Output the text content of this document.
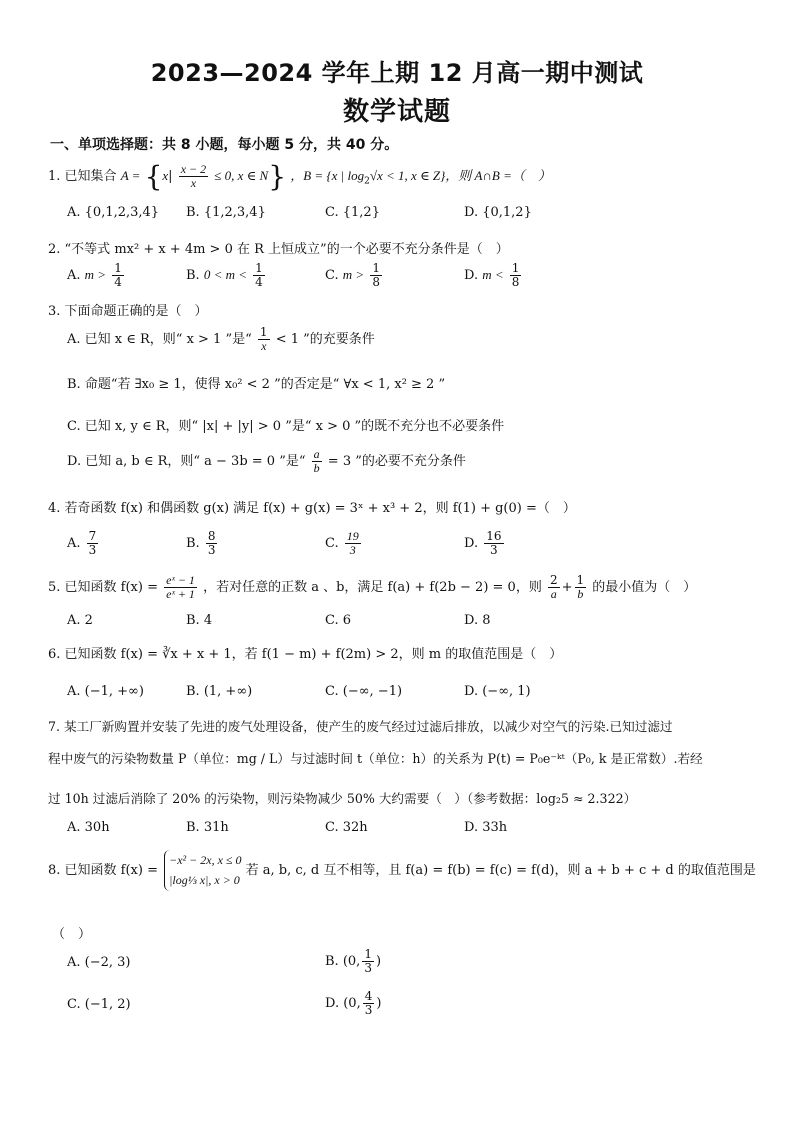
2023—2024 学年上期 12 月高一期中测试
数学试题
一、单项选择题：共 8 小题，每小题 5 分，共 40 分。
1. 已知集合 $A = \{x| \frac{x - 2}{x} \le 0$, x ∈ N} ，B = {x | $\log_2√x < 1$, x ∈ Z}，则 A∩B =（　）
A. {0,1,2,3,4} B. {1,2,3,4}	C. {1,2}	D. {0,1,2}
2. “不等式 mx² + x + 4m > 0 在 R 上恒成立”的一个必要不充分条件是（　）
A. $m > \frac{1}{4}$	B. $0 < m < \frac{1}{4}$	C. $m > \frac{1}{8}$	D. $m < \frac{1}{8}$
3. 下面命题正确的是（　）
A. 已知 x ∈ R，则“ x > 1 ”是“ $\frac{1}{x} < 1$ ”的充要条件
B. 命题“若 ∃x₀ ≥ 1，使得 x₀² < 2 ”的否定是“ ∀x < 1, x² ≥ 2 ”
C. 已知 x, y ∈ R，则“ |x| + |y| > 0 ”是“ x > 0 ”的既不充分也不必要条件
D. 已知 a, b ∈ R，则“ a − 3b = 0 ”是“ $\frac{a}{b} = 3$ ”的必要不充分条件
4. 若奇函数 f(x) 和偶函数 g(x) 满足 f(x) + g(x) = 3ˣ + x³ + 2，则 f(1) + g(0) =（　）
A. $\frac{7}{3}$	B. $\frac{8}{3}$	C. $\frac{19}{3}$	D. $\frac{16}{3}$
5. 已知函数 $f(x) = \frac{\text{eˣ − 1}}{\text{eˣ + 1}}$ ，若对任意的正数 a 、b，满足 f(a) + f(2b − 2) = 0，则 $\frac{2}{a} + \frac{1}{b}$ 的最小值为（　）
A. 2	B. 4	C. 6	D. 8
6. 已知函数 f(x) = ∛x + x + 1，若 f(1 − m) + f(2m) > 2，则 m 的取值范围是（　）
A. (−1, +∞)	B. (1, +∞)	C. (−∞, −1)	D. (−∞, 1)
7. 某工厂新购置并安装了先进的废气处理设备，使产生的废气经过过滤后排放，以减少对空气的污染.已知过滤过
程中废气的污染物数量 P（单位：mg / L）与过滤时间 t（单位：h）的关系为 P(t) = P₀e⁻ᵏᵗ（P₀, k 是正常数）.若经
过 10h 过滤后消除了 20% 的污染物，则污染物减少 50% 大约需要（　）（参考数据：log₂5 ≈ 2.322）
A. 30h	B. 31h	C. 32h	D. 33h
8. 已知函数 f(x) =
−x² − 2x, x ≤ 0
|log⅓ x|, x > 0
若 a, b, c, d 互不相等，且 f(a) = f(b) = f(c) = f(d)，则 a + b + c + d 的取值范围是
（　）
A. (−2, 3)	B. (0, $\frac{1}{3}$ )
C. (−1, 2)	D. (0, $\frac{4}{3}$ )
